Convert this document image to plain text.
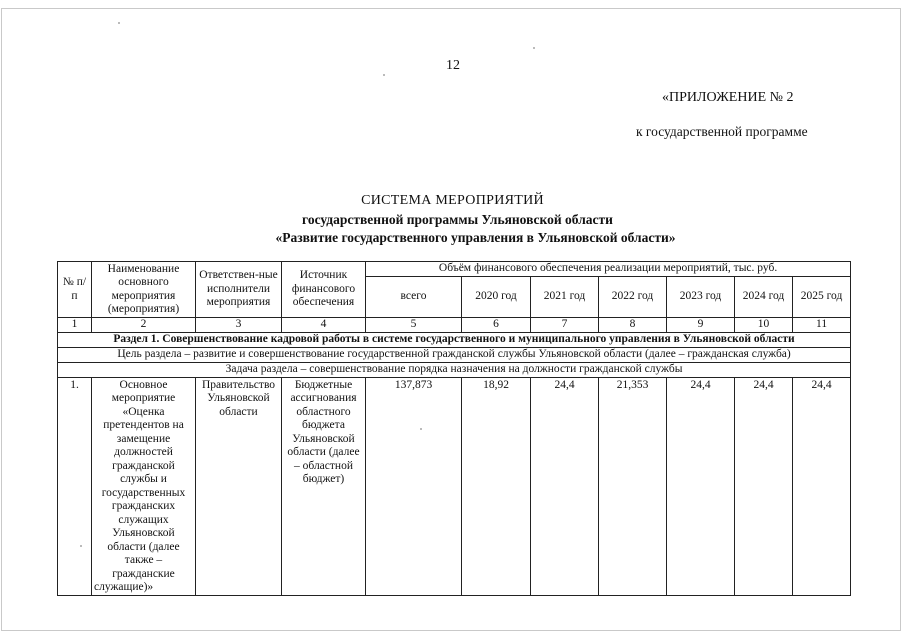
12
«ПРИЛОЖЕНИЕ № 2
к государственной программе
СИСТЕМА МЕРОПРИЯТИЙ
государственной программы Ульяновской области
«Развитие государственного управления в Ульяновской области»
№ п/п	Наименование основного мероприятия (мероприятия)	Ответствен-ные исполнители мероприятия	Источник финансового обеспечения	Объём финансового обеспечения реализации мероприятий, тыс. руб.						
				всего	2020 год	2021 год	2022 год	2023 год	2024 год	2025 год
1	2	3	4	5	6	7	8	9	10	11
Раздел 1. Совершенствование кадровой работы в системе государственного и муниципального управления в Ульяновской области										
Цель раздела – развитие и совершенствование государственной гражданской службы Ульяновской области (далее – гражданская служба)										
Задача раздела – совершенствование порядка назначения на должности гражданской службы										
1.	Основное мероприятие «Оценка претендентов на замещение должностей гражданской службы и государственных гражданских служащих Ульяновской области (далее также – гражданские служащие)»	Правительство Ульяновской области	Бюджетные ассигнования областного бюджета Ульяновской области (далее – областной бюджет)	137,873	18,92	24,4	21,353	24,4	24,4	24,4
